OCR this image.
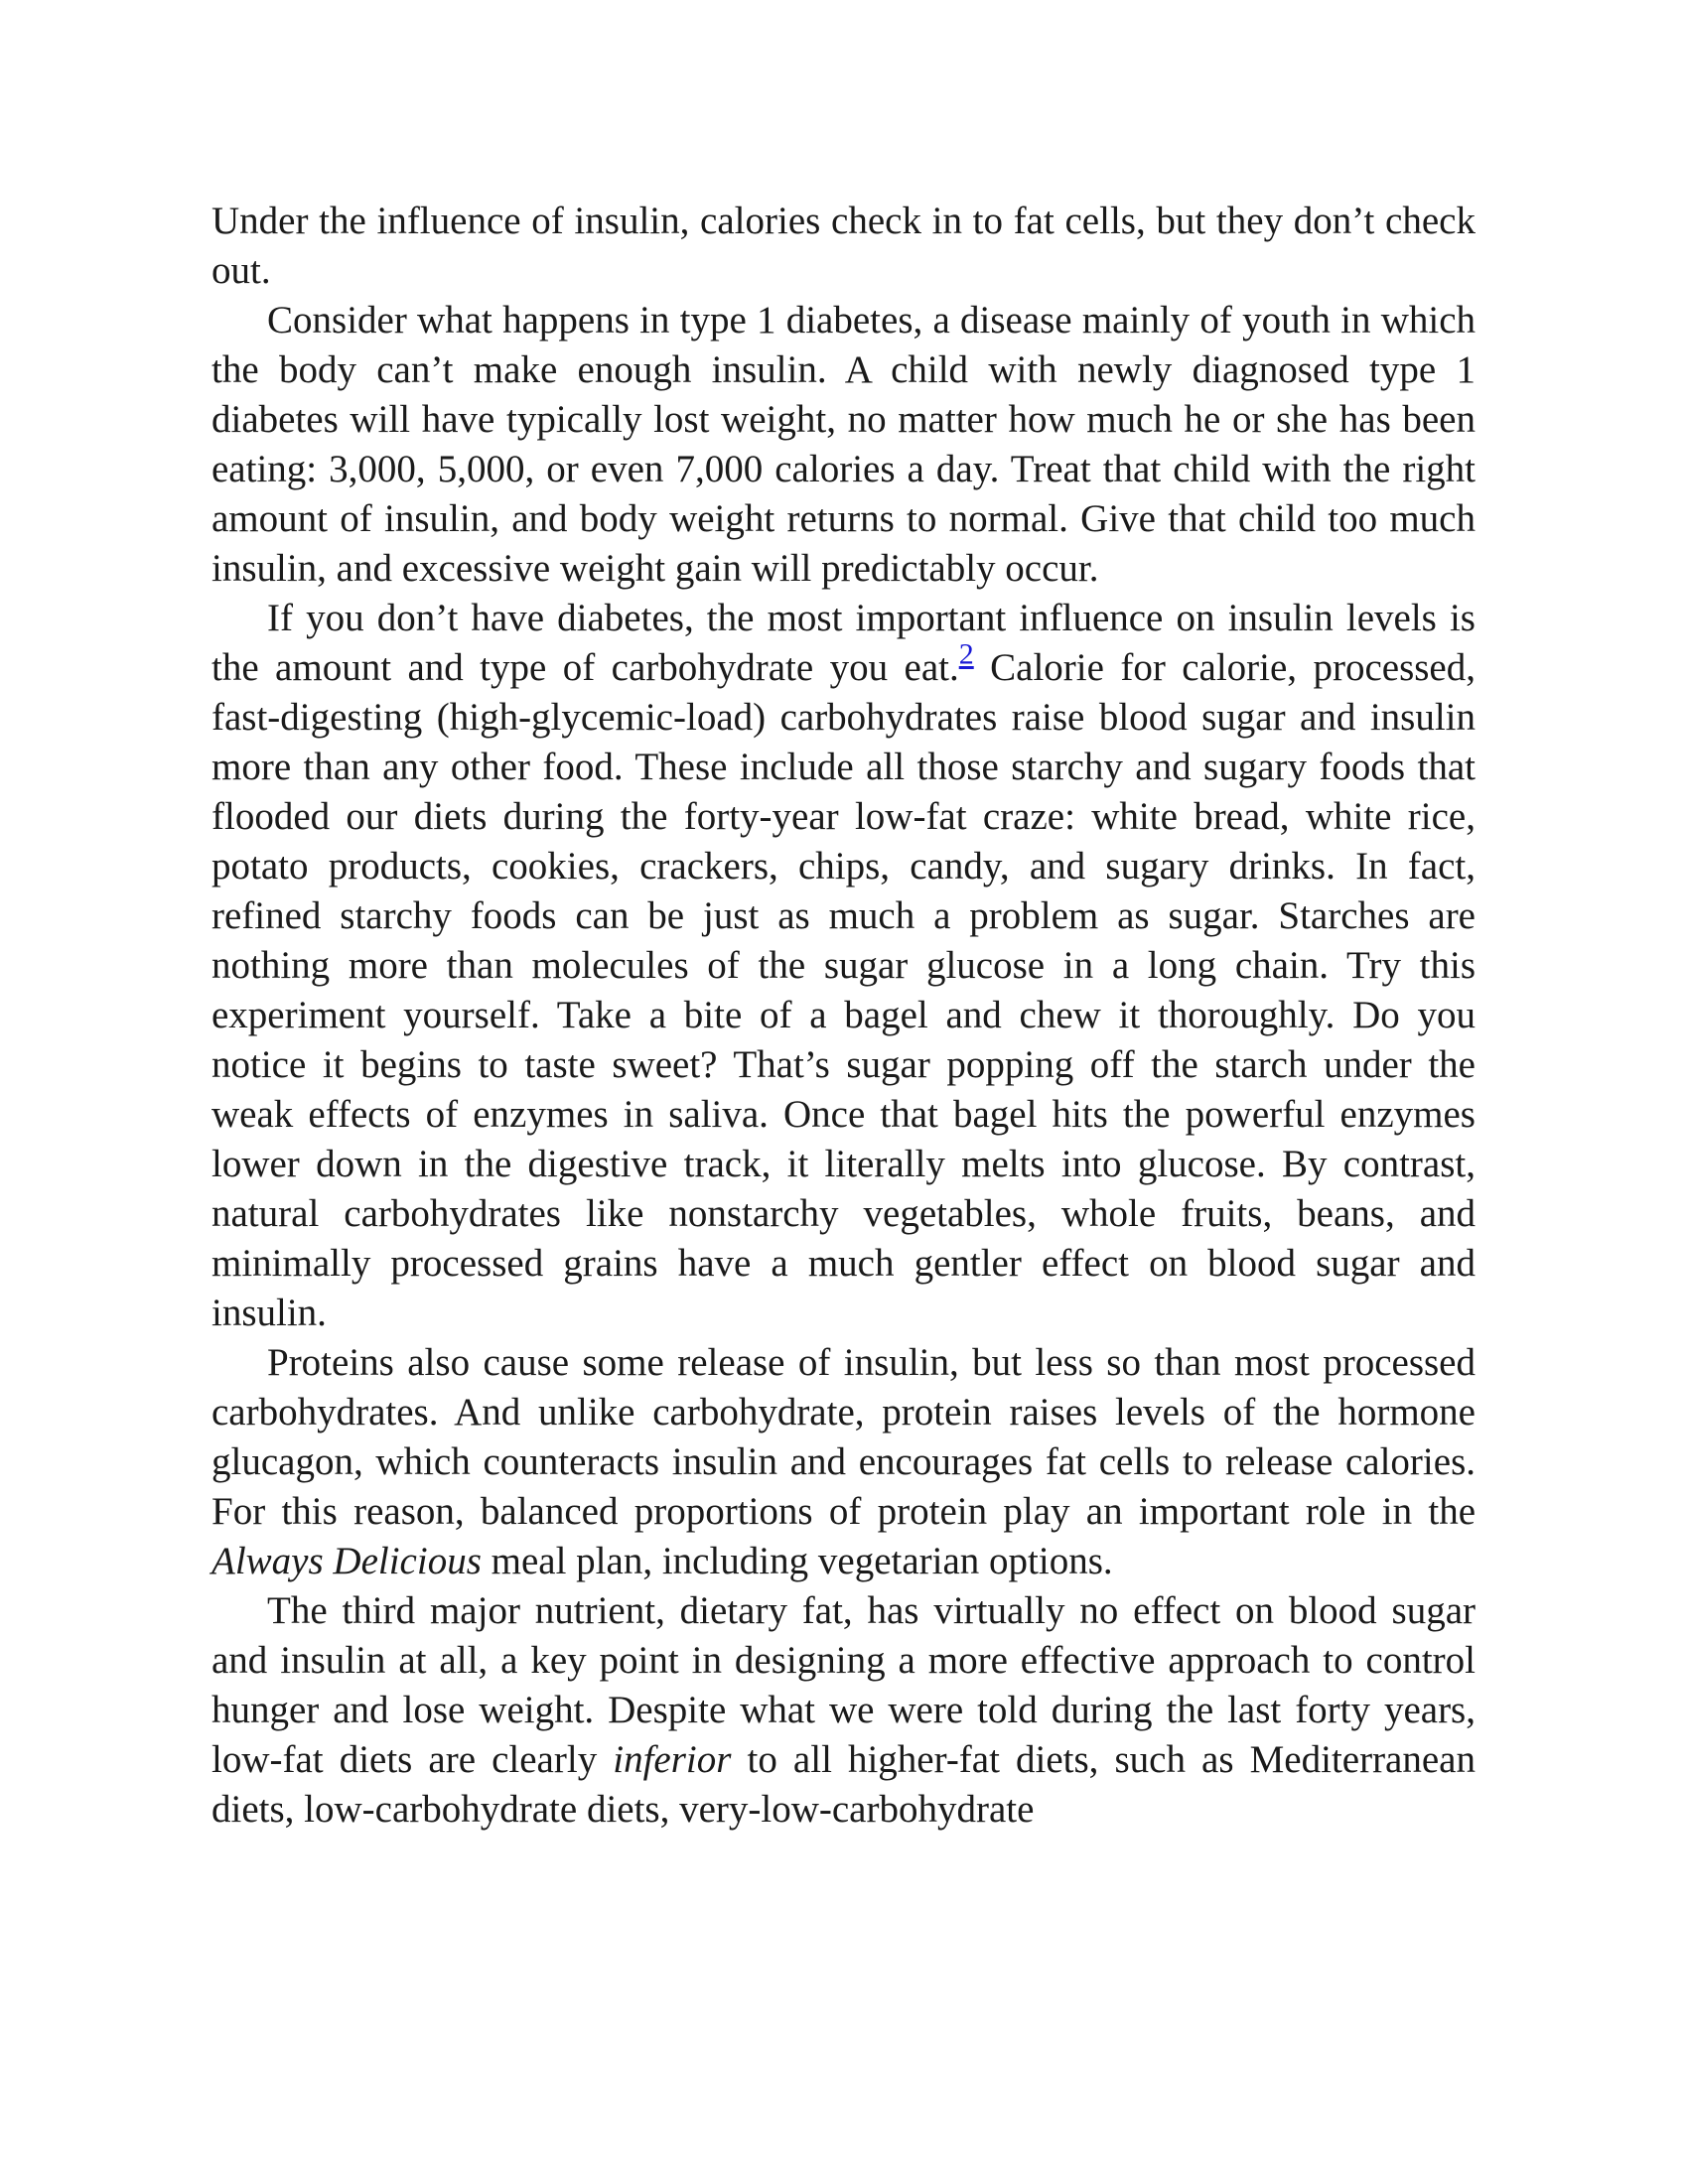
Under the influence of insulin, calories check in to fat cells, but they don’t check out.

Consider what happens in type 1 diabetes, a disease mainly of youth in which the body can’t make enough insulin. A child with newly diagnosed type 1 diabetes will have typically lost weight, no matter how much he or she has been eating: 3,000, 5,000, or even 7,000 calories a day. Treat that child with the right amount of insulin, and body weight returns to normal. Give that child too much insulin, and excessive weight gain will predictably occur.

If you don’t have diabetes, the most important influence on insulin levels is the amount and type of carbohydrate you eat.$^2$ Calorie for calorie, processed, fast-digesting (high-glycemic-load) carbohydrates raise blood sugar and insulin more than any other food. These include all those starchy and sugary foods that flooded our diets during the forty-year low-fat craze: white bread, white rice, potato products, cookies, crackers, chips, candy, and sugary drinks. In fact, refined starchy foods can be just as much a problem as sugar. Starches are nothing more than molecules of the sugar glucose in a long chain. Try this experiment yourself. Take a bite of a bagel and chew it thoroughly. Do you notice it begins to taste sweet? That’s sugar popping off the starch under the weak effects of enzymes in saliva. Once that bagel hits the powerful enzymes lower down in the digestive track, it literally melts into glucose. By contrast, natural carbohydrates like nonstarchy vegetables, whole fruits, beans, and minimally processed grains have a much gentler effect on blood sugar and insulin.

Proteins also cause some release of insulin, but less so than most processed carbohydrates. And unlike carbohydrate, protein raises levels of the hormone glucagon, which counteracts insulin and encourages fat cells to release calories. For this reason, balanced proportions of protein play an important role in the Always Delicious meal plan, including vegetarian options.

The third major nutrient, dietary fat, has virtually no effect on blood sugar and insulin at all, a key point in designing a more effective approach to control hunger and lose weight. Despite what we were told during the last forty years, low-fat diets are clearly inferior to all higher-fat diets, such as Mediterranean diets, low-carbohydrate diets, very-low-carbohydrate
